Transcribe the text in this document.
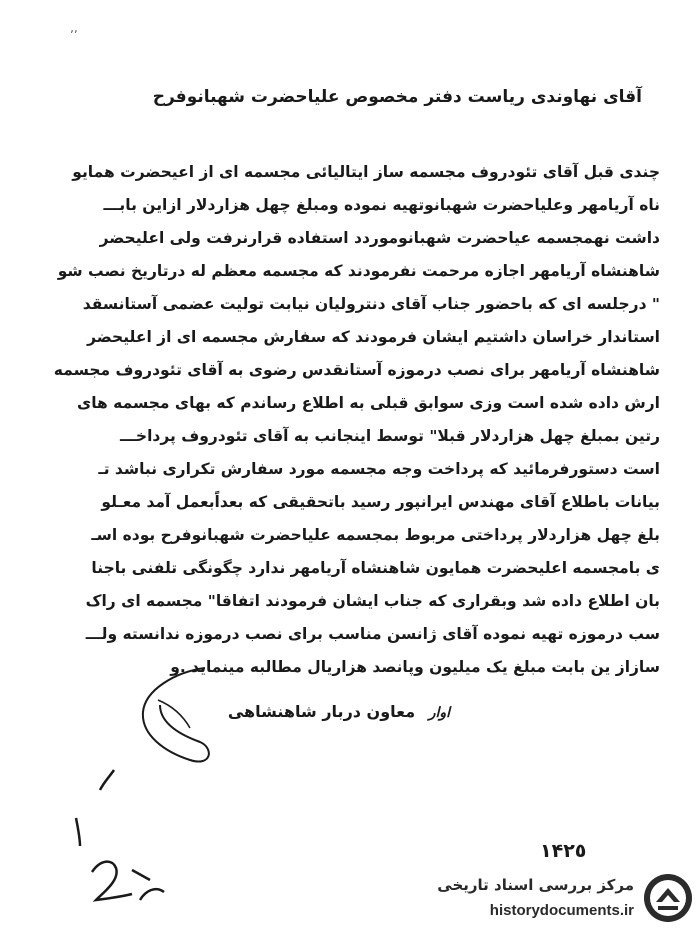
٬٬
آقای نهاوندی ریاست دفتر مخصوص علیاحضرت شهبانوفرح
چندی قبل آقای تئودروف مجسمه ساز ایتالیائی مجسمه ای از اعیحضرت همایو
ناه آریامهر وعلیاحضرت شهبانوتهیه نموده ومبلغ چهل هزاردلار ازاین بابـــ
داشت نهمجسمه عیاحضرت شهبانوموردد استفاده قرارنرفت ولی اعلیحضر
شاهنشاه آریامهر اجازه مرحمت نفرمودند که مجسمه معظم له درتاریخ نصب شو
" درجلسه ای که باحضور جناب آقای دنترولیان نیابت تولیت عضمی آستانسقد
استاندار خراسان داشتیم ایشان فرمودند که سفارش مجسمه ای از اعلیحضر
شاهنشاه آریامهر برای نصب درموزه آستانقدس رضوی به آقای تئودروف مجسمه
ارش داده شده است وزی سوابق قبلی به اطلاع رساندم که بهای مجسمه های
رتین بمبلغ چهل هزاردلار قبلا" توسط اینجانب به آقای تئودروف پرداخـــ
است دستورفرمائید که پرداخت وجه مجسمه مورد سفارش تکراری نباشد تـ
بیانات باطلاع آقای مهندس ایرانپور رسید باتحقیقی که بعداًبعمل آمد معـلو
بلغ چهل هزاردلار پرداختی مربوط بمجسمه علیاحضرت شهبانوفرح بوده اسـ
ی بامجسمه اعلیحضرت همایون شاهنشاه آریامهر ندارد چگونگی تلفنی باجنا
بان اطلاع داده شد وبقراری که جناب ایشان فرمودند اتفاقا" مجسمه ای راک
سب درموزه تهیه نموده آقای ژانسن مناسب برای نصب درموزه ندانسته ولـــ
سازاز ین بابت مبلغ یک میلیون وپانصد هزاریال مطالبه مینماید .و
اوار معاون دربار شاهنشاهی
١۴٢٥
مرکز بررسی اسناد تاریخی
historydocuments.ir
